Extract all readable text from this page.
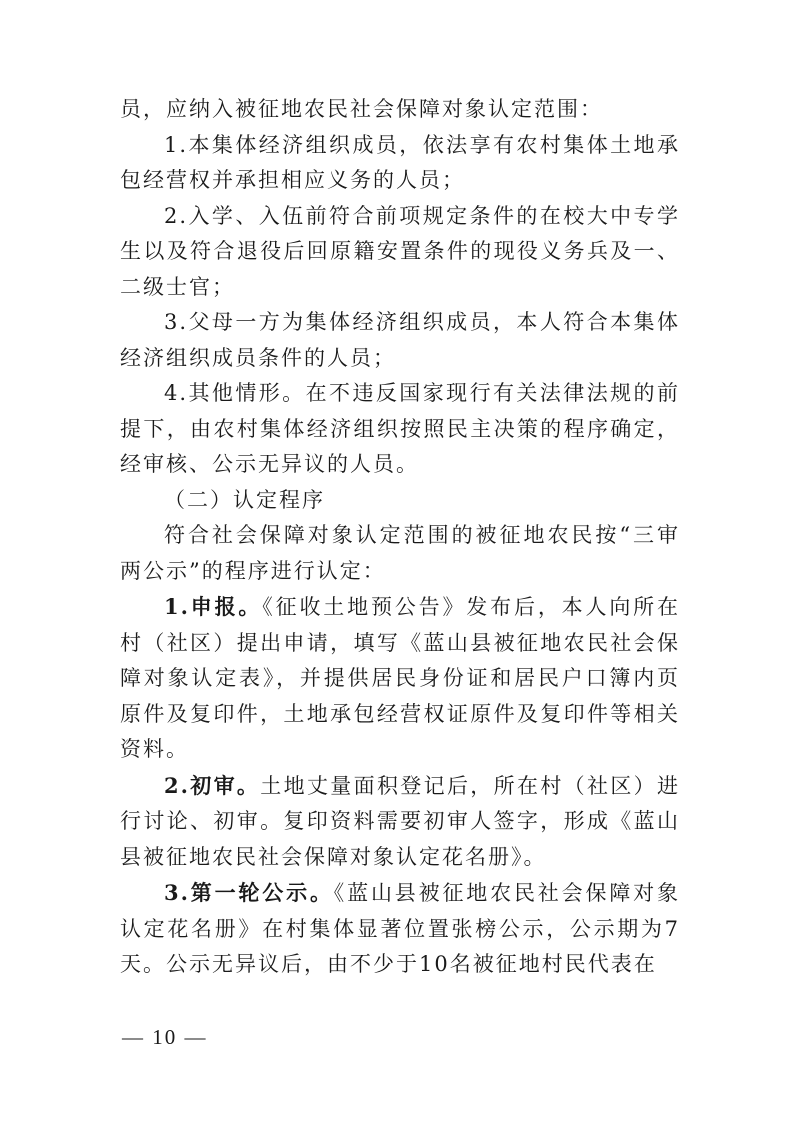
员，应纳入被征地农民社会保障对象认定范围：

1.本集体经济组织成员，依法享有农村集体土地承包经营权并承担相应义务的人员；

2.入学、入伍前符合前项规定条件的在校大中专学生以及符合退役后回原籍安置条件的现役义务兵及一、二级士官；

3.父母一方为集体经济组织成员，本人符合本集体经济组织成员条件的人员；

4.其他情形。在不违反国家现行有关法律法规的前提下，由农村集体经济组织按照民主决策的程序确定，经审核、公示无异议的人员。

（二）认定程序

符合社会保障对象认定范围的被征地农民按“三审两公示”的程序进行认定：

1.申报。《征收土地预公告》发布后，本人向所在村（社区）提出申请，填写《蓝山县被征地农民社会保障对象认定表》，并提供居民身份证和居民户口簿内页原件及复印件，土地承包经营权证原件及复印件等相关资料。

2.初审。土地丈量面积登记后，所在村（社区）进行讨论、初审。复印资料需要初审人签字，形成《蓝山县被征地农民社会保障对象认定花名册》。

3.第一轮公示。《蓝山县被征地农民社会保障对象认定花名册》在村集体显著位置张榜公示，公示期为7天。公示无异议后，由不少于10名被征地村民代表在

— 10 —
